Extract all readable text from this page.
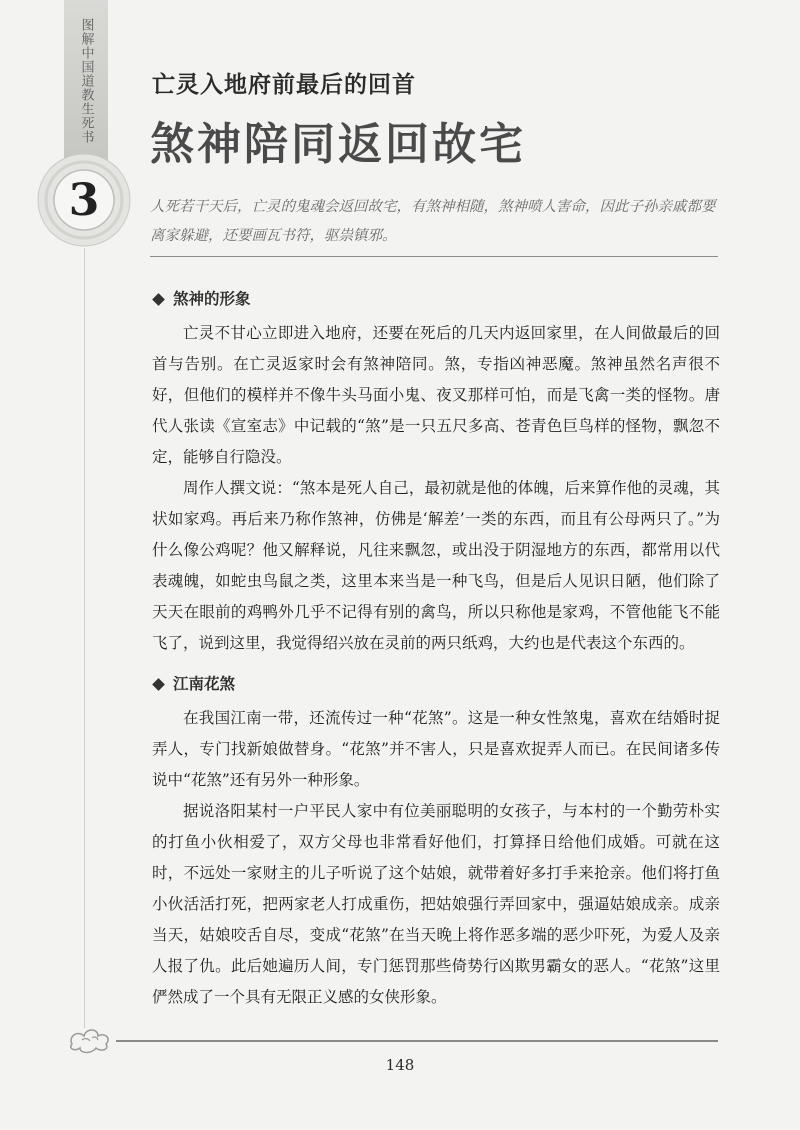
图解中国道教生死书
3
亡灵入地府前最后的回首
煞神陪同返回故宅
人死若干天后，亡灵的鬼魂会返回故宅，有煞神相随，煞神喷人害命，因此子孙亲戚都要离家躲避，还要画瓦书符，驱祟镇邪。
煞神的形象

亡灵不甘心立即进入地府，还要在死后的几天内返回家里，在人间做最后的回首与告别。在亡灵返家时会有煞神陪同。煞，专指凶神恶魔。煞神虽然名声很不好，但他们的模样并不像牛头马面小鬼、夜叉那样可怕，而是飞禽一类的怪物。唐代人张读《宣室志》中记载的“煞”是一只五尺多高、苍青色巨鸟样的怪物，飘忽不定，能够自行隐没。

周作人撰文说：“煞本是死人自己，最初就是他的体魄，后来算作他的灵魂，其状如家鸡。再后来乃称作煞神，仿佛是‘解差’一类的东西，而且有公母两只了。”为什么像公鸡呢？他又解释说，凡往来飘忽，或出没于阴湿地方的东西，都常用以代表魂魄，如蛇虫鸟鼠之类，这里本来当是一种飞鸟，但是后人见识日陋，他们除了天天在眼前的鸡鸭外几乎不记得有别的禽鸟，所以只称他是家鸡，不管他能飞不能飞了，说到这里，我觉得绍兴放在灵前的两只纸鸡，大约也是代表这个东西的。

江南花煞

在我国江南一带，还流传过一种“花煞”。这是一种女性煞鬼，喜欢在结婚时捉弄人，专门找新娘做替身。“花煞”并不害人，只是喜欢捉弄人而已。在民间诸多传说中“花煞”还有另外一种形象。

据说洛阳某村一户平民人家中有位美丽聪明的女孩子，与本村的一个勤劳朴实的打鱼小伙相爱了，双方父母也非常看好他们，打算择日给他们成婚。可就在这时，不远处一家财主的儿子听说了这个姑娘，就带着好多打手来抢亲。他们将打鱼小伙活活打死，把两家老人打成重伤，把姑娘强行弄回家中，强逼姑娘成亲。成亲当天，姑娘咬舌自尽，变成“花煞”在当天晚上将作恶多端的恶少吓死，为爱人及亲人报了仇。此后她遍历人间，专门惩罚那些倚势行凶欺男霸女的恶人。“花煞”这里俨然成了一个具有无限正义感的女侠形象。

148
